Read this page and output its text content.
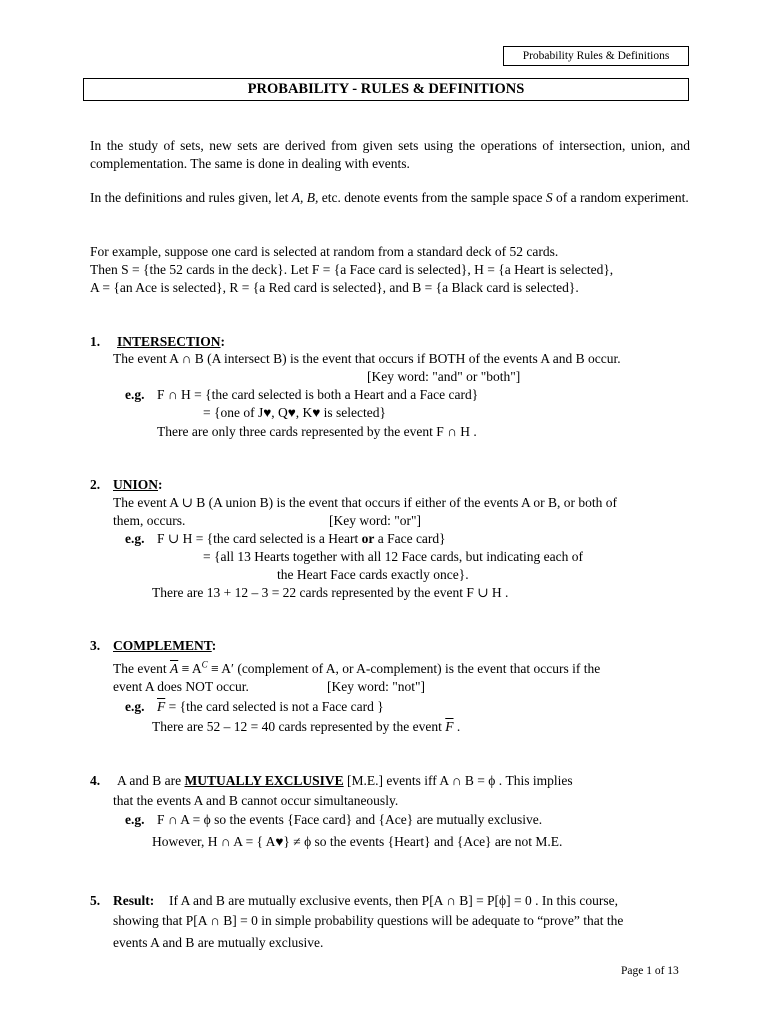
Probability Rules & Definitions
PROBABILITY - RULES & DEFINITIONS
In the study of sets, new sets are derived from given sets using the operations of intersection, union, and complementation. The same is done in dealing with events.
In the definitions and rules given, let A, B, etc. denote events from the sample space S of a random experiment.
For example, suppose one card is selected at random from a standard deck of 52 cards.
Then S = {the 52 cards in the deck}. Let F = {a Face card is selected}, H = {a Heart is selected},
A = {an Ace is selected}, R = {a Red card is selected}, and B = {a Black card is selected}.
1. INTERSECTION:
The event A ∩ B (A intersect B) is the event that occurs if BOTH of the events A and B occur.
[Key word: "and" or "both"]
e.g. F ∩ H = {the card selected is both a Heart and a Face card}
= {one of J♥, Q♥, K♥ is selected}
There are only three cards represented by the event F ∩ H .
2. UNION:
The event A ∪ B (A union B) is the event that occurs if either of the events A or B, or both of
them, occurs.	[Key word: "or"]
e.g. F ∪ H = {the card selected is a Heart or a Face card}
= {all 13 Hearts together with all 12 Face cards, but indicating each of
the Heart Face cards exactly once}.
There are 13 + 12 – 3 = 22 cards represented by the event F ∪ H .
3. COMPLEMENT:
The event $\overline{A} \equiv A^C \equiv A'$ (complement of A, or A-complement) is the event that occurs if the
event A does NOT occur.	[Key word: "not"]
e.g. $\overline{F} = \{the$ card selected is not a Face card }
There are 52 – 12 = 40 cards represented by the event $\overline{F}$ .
4. A and B are MUTUALLY EXCLUSIVE [M.E.] events iff A ∩ B = ϕ . This implies
that the events A and B cannot occur simultaneously.
e.g. F ∩ A = ϕ so the events {Face card} and {Ace} are mutually exclusive.
However, H ∩ A = { A♥} ≠ ϕ so the events {Heart} and {Ace} are not M.E.
5. Result: If A and B are mutually exclusive events, then P[A ∩ B] = P[ϕ] = 0 . In this course,
showing that P[A ∩ B] = 0 in simple probability questions will be adequate to “prove” that the
events A and B are mutually exclusive.
Page 1 of 13
